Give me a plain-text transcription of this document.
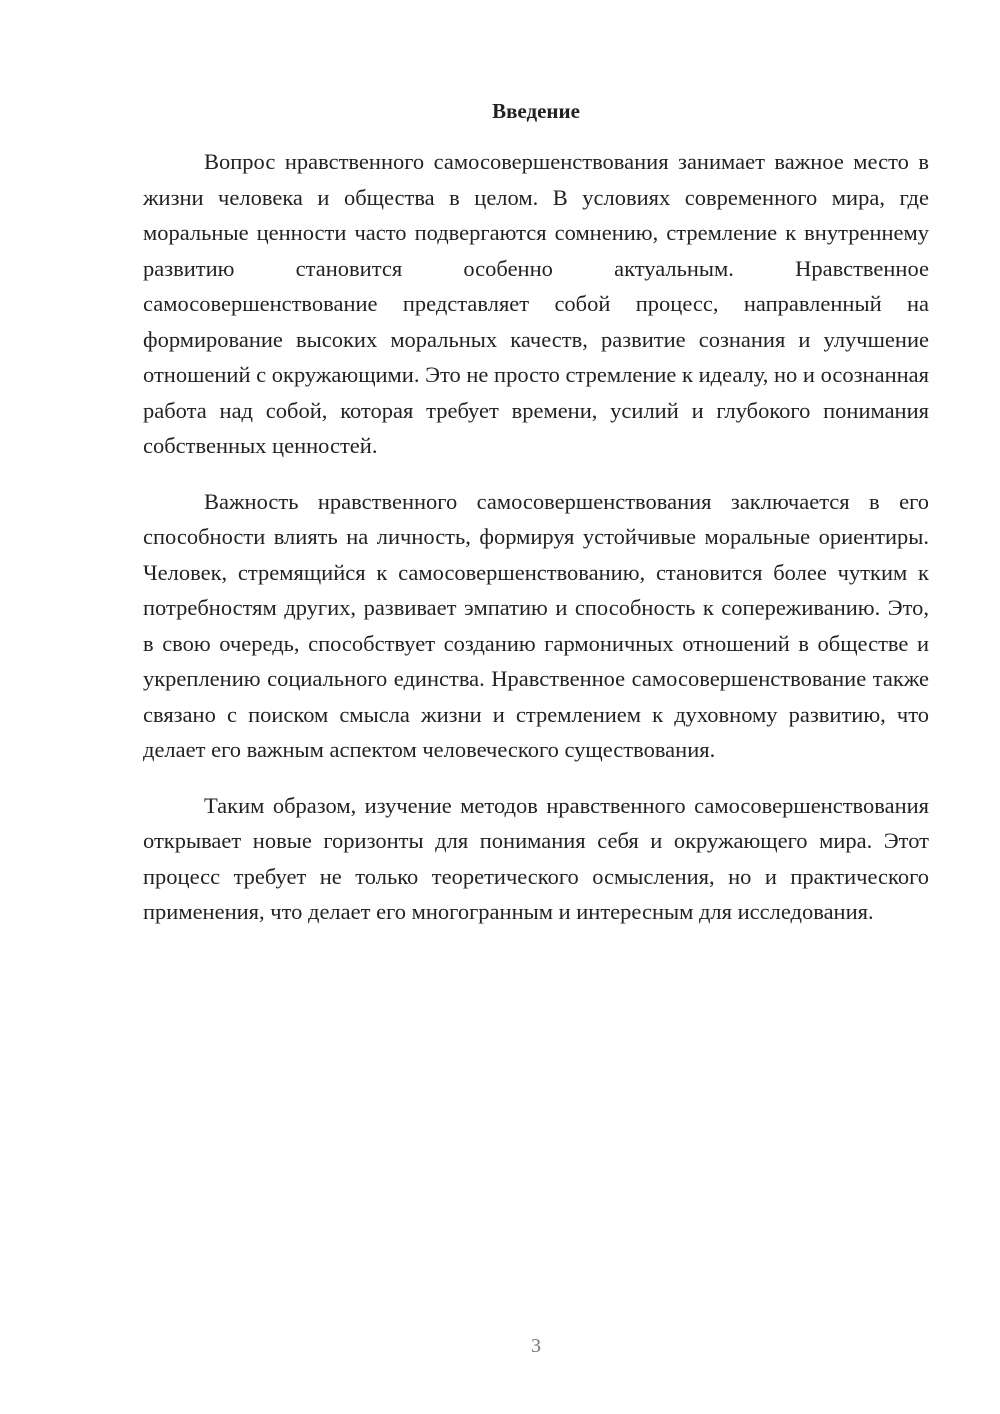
Введение

Вопрос нравственного самосовершенствования занимает важное место в жизни человека и общества в целом. В условиях современного мира, где моральные ценности часто подвергаются сомнению, стремление к внутреннему развитию становится особенно актуальным. Нравственное самосовершенствование представляет собой процесс, направленный на формирование высоких моральных качеств, развитие сознания и улучшение отношений с окружающими. Это не просто стремление к идеалу, но и осознанная работа над собой, которая требует времени, усилий и глубокого понимания собственных ценностей.

Важность нравственного самосовершенствования заключается в его способности влиять на личность, формируя устойчивые моральные ориентиры. Человек, стремящийся к самосовершенствованию, становится более чутким к потребностям других, развивает эмпатию и способность к сопереживанию. Это, в свою очередь, способствует созданию гармоничных отношений в обществе и укреплению социального единства. Нравственное самосовершенствование также связано с поиском смысла жизни и стремлением к духовному развитию, что делает его важным аспектом человеческого существования.

Таким образом, изучение методов нравственного самосовершенствования открывает новые горизонты для понимания себя и окружающего мира. Этот процесс требует не только теоретического осмысления, но и практического применения, что делает его многогранным и интересным для исследования.

3
